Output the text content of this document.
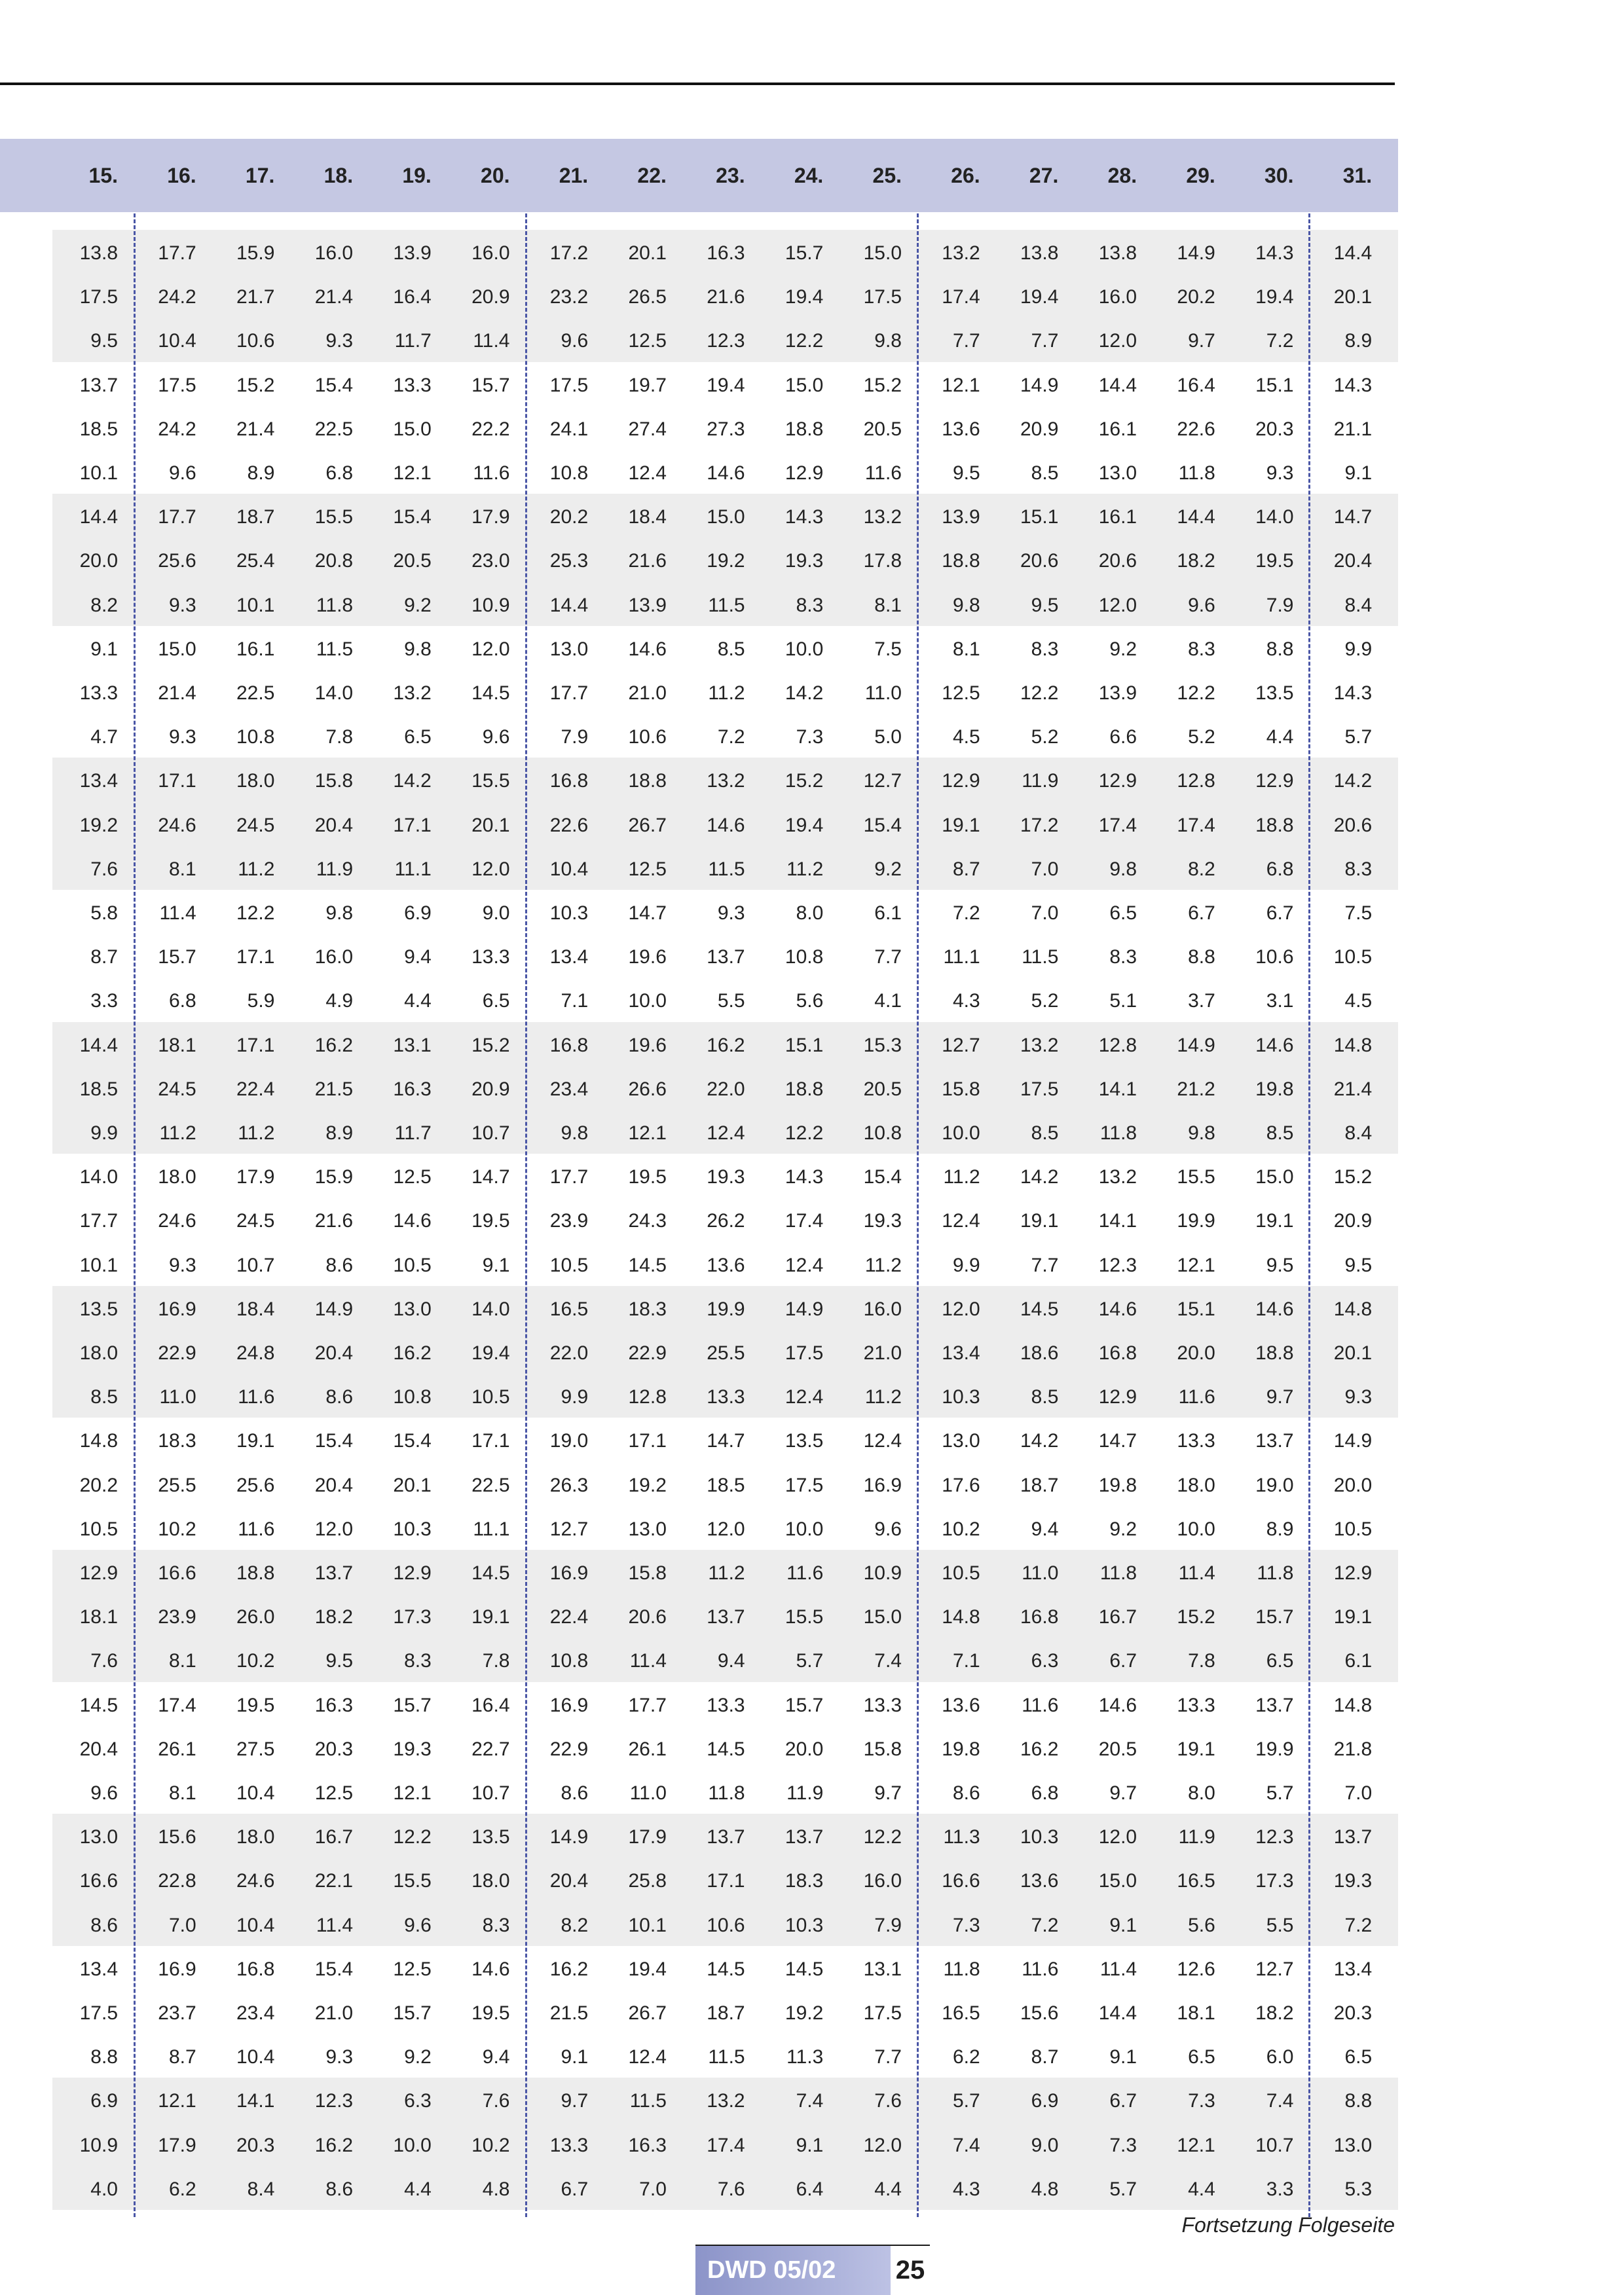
15.	16.	17.	18.	19.	20.	21.	22.	23.	24.	25.	26.	27.	28.	29.	30.	31.
13.8	17.7	15.9	16.0	13.9	16.0	17.2	20.1	16.3	15.7	15.0	13.2	13.8	13.8	14.9	14.3	14.4
17.5	24.2	21.7	21.4	16.4	20.9	23.2	26.5	21.6	19.4	17.5	17.4	19.4	16.0	20.2	19.4	20.1
9.5	10.4	10.6	9.3	11.7	11.4	9.6	12.5	12.3	12.2	9.8	7.7	7.7	12.0	9.7	7.2	8.9
13.7	17.5	15.2	15.4	13.3	15.7	17.5	19.7	19.4	15.0	15.2	12.1	14.9	14.4	16.4	15.1	14.3
18.5	24.2	21.4	22.5	15.0	22.2	24.1	27.4	27.3	18.8	20.5	13.6	20.9	16.1	22.6	20.3	21.1
10.1	9.6	8.9	6.8	12.1	11.6	10.8	12.4	14.6	12.9	11.6	9.5	8.5	13.0	11.8	9.3	9.1
14.4	17.7	18.7	15.5	15.4	17.9	20.2	18.4	15.0	14.3	13.2	13.9	15.1	16.1	14.4	14.0	14.7
20.0	25.6	25.4	20.8	20.5	23.0	25.3	21.6	19.2	19.3	17.8	18.8	20.6	20.6	18.2	19.5	20.4
8.2	9.3	10.1	11.8	9.2	10.9	14.4	13.9	11.5	8.3	8.1	9.8	9.5	12.0	9.6	7.9	8.4
9.1	15.0	16.1	11.5	9.8	12.0	13.0	14.6	8.5	10.0	7.5	8.1	8.3	9.2	8.3	8.8	9.9
13.3	21.4	22.5	14.0	13.2	14.5	17.7	21.0	11.2	14.2	11.0	12.5	12.2	13.9	12.2	13.5	14.3
4.7	9.3	10.8	7.8	6.5	9.6	7.9	10.6	7.2	7.3	5.0	4.5	5.2	6.6	5.2	4.4	5.7
13.4	17.1	18.0	15.8	14.2	15.5	16.8	18.8	13.2	15.2	12.7	12.9	11.9	12.9	12.8	12.9	14.2
19.2	24.6	24.5	20.4	17.1	20.1	22.6	26.7	14.6	19.4	15.4	19.1	17.2	17.4	17.4	18.8	20.6
7.6	8.1	11.2	11.9	11.1	12.0	10.4	12.5	11.5	11.2	9.2	8.7	7.0	9.8	8.2	6.8	8.3
5.8	11.4	12.2	9.8	6.9	9.0	10.3	14.7	9.3	8.0	6.1	7.2	7.0	6.5	6.7	6.7	7.5
8.7	15.7	17.1	16.0	9.4	13.3	13.4	19.6	13.7	10.8	7.7	11.1	11.5	8.3	8.8	10.6	10.5
3.3	6.8	5.9	4.9	4.4	6.5	7.1	10.0	5.5	5.6	4.1	4.3	5.2	5.1	3.7	3.1	4.5
14.4	18.1	17.1	16.2	13.1	15.2	16.8	19.6	16.2	15.1	15.3	12.7	13.2	12.8	14.9	14.6	14.8
18.5	24.5	22.4	21.5	16.3	20.9	23.4	26.6	22.0	18.8	20.5	15.8	17.5	14.1	21.2	19.8	21.4
9.9	11.2	11.2	8.9	11.7	10.7	9.8	12.1	12.4	12.2	10.8	10.0	8.5	11.8	9.8	8.5	8.4
14.0	18.0	17.9	15.9	12.5	14.7	17.7	19.5	19.3	14.3	15.4	11.2	14.2	13.2	15.5	15.0	15.2
17.7	24.6	24.5	21.6	14.6	19.5	23.9	24.3	26.2	17.4	19.3	12.4	19.1	14.1	19.9	19.1	20.9
10.1	9.3	10.7	8.6	10.5	9.1	10.5	14.5	13.6	12.4	11.2	9.9	7.7	12.3	12.1	9.5	9.5
13.5	16.9	18.4	14.9	13.0	14.0	16.5	18.3	19.9	14.9	16.0	12.0	14.5	14.6	15.1	14.6	14.8
18.0	22.9	24.8	20.4	16.2	19.4	22.0	22.9	25.5	17.5	21.0	13.4	18.6	16.8	20.0	18.8	20.1
8.5	11.0	11.6	8.6	10.8	10.5	9.9	12.8	13.3	12.4	11.2	10.3	8.5	12.9	11.6	9.7	9.3
14.8	18.3	19.1	15.4	15.4	17.1	19.0	17.1	14.7	13.5	12.4	13.0	14.2	14.7	13.3	13.7	14.9
20.2	25.5	25.6	20.4	20.1	22.5	26.3	19.2	18.5	17.5	16.9	17.6	18.7	19.8	18.0	19.0	20.0
10.5	10.2	11.6	12.0	10.3	11.1	12.7	13.0	12.0	10.0	9.6	10.2	9.4	9.2	10.0	8.9	10.5
12.9	16.6	18.8	13.7	12.9	14.5	16.9	15.8	11.2	11.6	10.9	10.5	11.0	11.8	11.4	11.8	12.9
18.1	23.9	26.0	18.2	17.3	19.1	22.4	20.6	13.7	15.5	15.0	14.8	16.8	16.7	15.2	15.7	19.1
7.6	8.1	10.2	9.5	8.3	7.8	10.8	11.4	9.4	5.7	7.4	7.1	6.3	6.7	7.8	6.5	6.1
14.5	17.4	19.5	16.3	15.7	16.4	16.9	17.7	13.3	15.7	13.3	13.6	11.6	14.6	13.3	13.7	14.8
20.4	26.1	27.5	20.3	19.3	22.7	22.9	26.1	14.5	20.0	15.8	19.8	16.2	20.5	19.1	19.9	21.8
9.6	8.1	10.4	12.5	12.1	10.7	8.6	11.0	11.8	11.9	9.7	8.6	6.8	9.7	8.0	5.7	7.0
13.0	15.6	18.0	16.7	12.2	13.5	14.9	17.9	13.7	13.7	12.2	11.3	10.3	12.0	11.9	12.3	13.7
16.6	22.8	24.6	22.1	15.5	18.0	20.4	25.8	17.1	18.3	16.0	16.6	13.6	15.0	16.5	17.3	19.3
8.6	7.0	10.4	11.4	9.6	8.3	8.2	10.1	10.6	10.3	7.9	7.3	7.2	9.1	5.6	5.5	7.2
13.4	16.9	16.8	15.4	12.5	14.6	16.2	19.4	14.5	14.5	13.1	11.8	11.6	11.4	12.6	12.7	13.4
17.5	23.7	23.4	21.0	15.7	19.5	21.5	26.7	18.7	19.2	17.5	16.5	15.6	14.4	18.1	18.2	20.3
8.8	8.7	10.4	9.3	9.2	9.4	9.1	12.4	11.5	11.3	7.7	6.2	8.7	9.1	6.5	6.0	6.5
6.9	12.1	14.1	12.3	6.3	7.6	9.7	11.5	13.2	7.4	7.6	5.7	6.9	6.7	7.3	7.4	8.8
10.9	17.9	20.3	16.2	10.0	10.2	13.3	16.3	17.4	9.1	12.0	7.4	9.0	7.3	12.1	10.7	13.0
4.0	6.2	8.4	8.6	4.4	4.8	6.7	7.0	7.6	6.4	4.4	4.3	4.8	5.7	4.4	3.3	5.3
Fortsetzung Folgeseite
DWD 05/02 25
